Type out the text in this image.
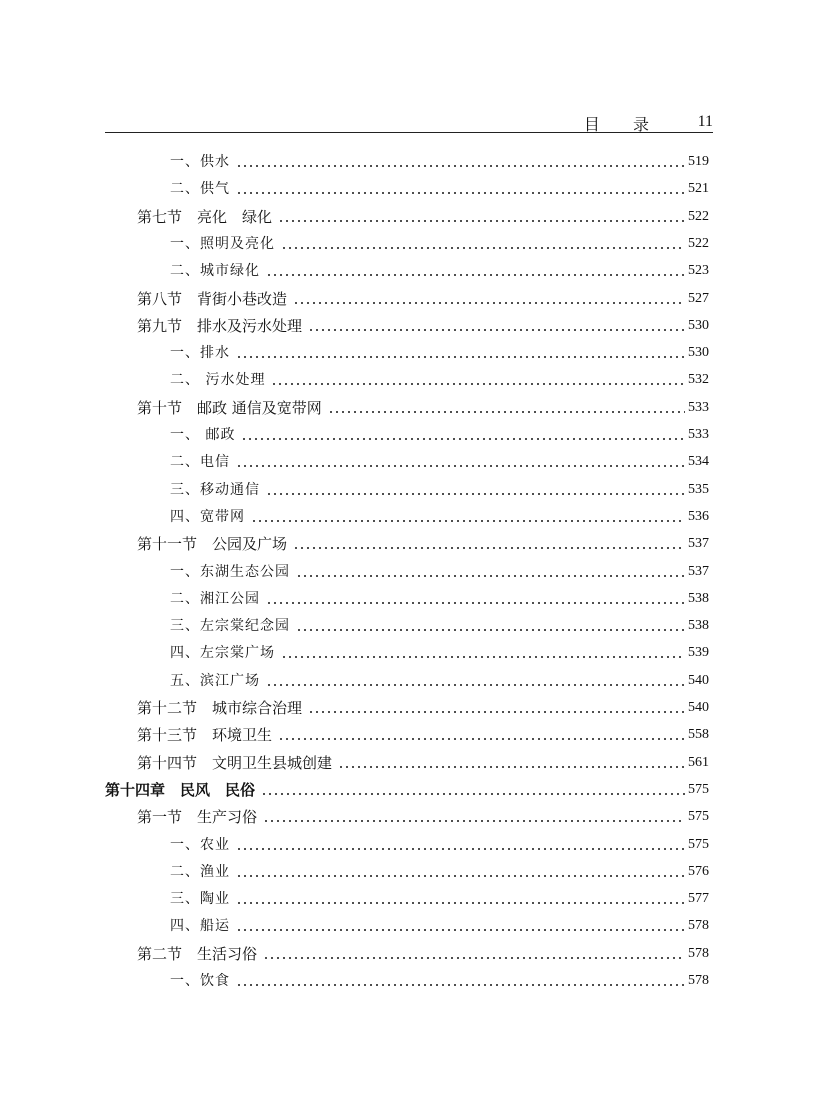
目 录 11
一、供水	519
二、供气	521
第七节　亮化　绿化	522
一、照明及亮化	522
二、城市绿化	523
第八节　背街小巷改造	527
第九节　排水及污水处理	530
一、排水	530
二、 污水处理	532
第十节　邮政 通信及宽带网	533
一、 邮政	533
二、电信	534
三、移动通信	535
四、宽带网	536
第十一节　公园及广场	537
一、东湖生态公园	537
二、湘江公园	538
三、左宗棠纪念园	538
四、左宗棠广场	539
五、滨江广场	540
第十二节　城市综合治理	540
第十三节　环境卫生	558
第十四节　文明卫生县城创建	561
第十四章　民风　民俗	575
第一节　生产习俗	575
一、农业	575
二、渔业	576
三、陶业	577
四、船运	578
第二节　生活习俗	578
一、饮食	578
